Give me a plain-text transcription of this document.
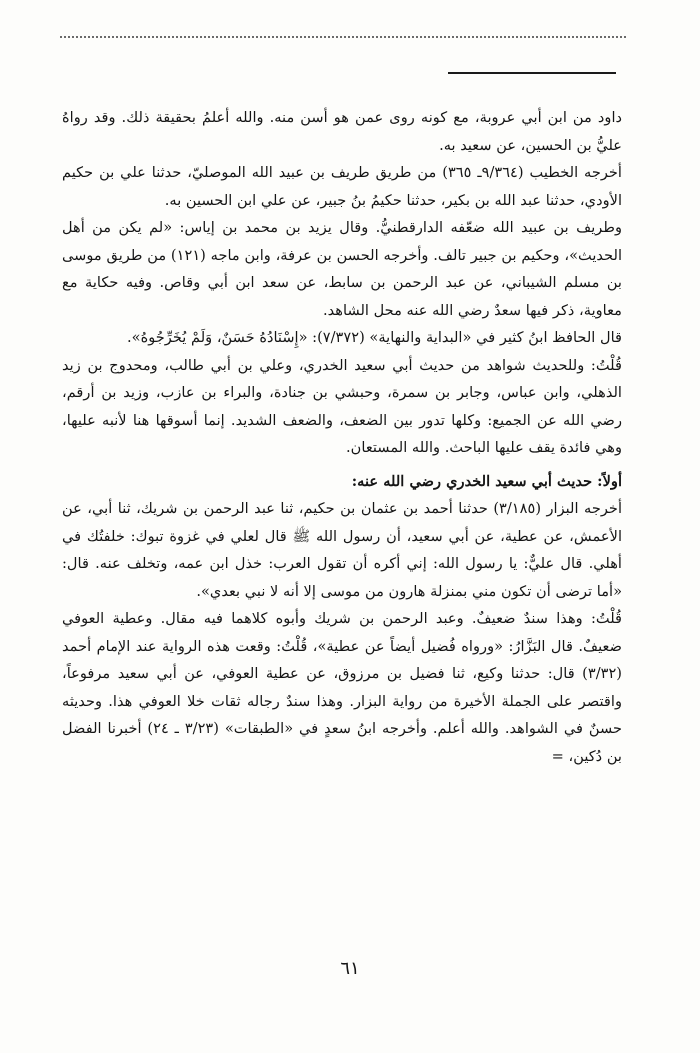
داود من ابن أبي عروبة، مع كونه روى عمن هو أسن منه. والله أعلمُ بحقيقة ذلك. وقد رواهُ عليُّ بن الحسين، عن سعيد به.

أخرجه الخطيب (٩/٣٦٤ـ ٣٦٥) من طريق طريف بن عبيد الله الموصليّ، حدثنا علي بن حكيم الأودي، حدثنا عبد الله بن بكير، حدثنا حكيمُ بنُ جبير، عن علي ابن الحسين به.

وطريف بن عبيد الله ضعّفه الدارقطنيُّ. وقال يزيد بن محمد بن إياس: «لم يكن من أهل الحديث»، وحكيم بن جبير تالف. وأخرجه الحسن بن عرفة، وابن ماجه (١٢١) من طريق موسى بن مسلم الشيباني، عن عبد الرحمن بن سابط، عن سعد ابن أبي وقاص. وفيه حكاية مع معاوية، ذكر فيها سعدٌ رضي الله عنه محل الشاهد.

قال الحافظ ابنُ كثير في «البداية والنهاية» (٧/٣٧٢): «إِسْنَادُهُ حَسَنٌ، وَلَمْ يُخَرِّجُوهُ».

قُلْتُ: وللحديث شواهد من حديث أبي سعيد الخدري، وعلي بن أبي طالب، ومحدوج بن زيد الذهلي، وابن عباس، وجابر بن سمرة، وحبشي بن جنادة، والبراء بن عازب، وزيد بن أرقم، رضي الله عن الجميع: وكلها تدور بين الضعف، والضعف الشديد. إنما أسوقها هنا لأنبه عليها، وهي فائدة يقف عليها الباحث. والله المستعان.

أولاً: حديث أبي سعيد الخدري رضي الله عنه:

أخرجه البزار (٣/١٨٥) حدثنا أحمد بن عثمان بن حكيم، ثنا عبد الرحمن بن شريك، ثنا أبي، عن الأعمش، عن عطية، عن أبي سعيد، أن رسول الله ﷺ قال لعلي في غزوة تبوك: خلفتُك في أهلي. قال عليٌّ: يا رسول الله: إني أكره أن تقول العرب: خذل ابن عمه، وتخلف عنه. قال: «أما ترضى أن تكون مني بمنزلة هارون من موسى إلا أنه لا نبي بعدي».

قُلْتُ: وهذا سندٌ ضعيفٌ. وعبد الرحمن بن شريك وأبوه كلاهما فيه مقال. وعطية العوفي ضعيفٌ. قال البَزَّارُ: «ورواه فُضيل أيضاً عن عطية»، قُلْتُ: وقعت هذه الرواية عند الإمام أحمد (٣/٣٢) قال: حدثنا وكيع، ثنا فضيل بن مرزوق، عن عطية العوفي، عن أبي سعيد مرفوعاً، واقتصر على الجملة الأخيرة من رواية البزار. وهذا سندٌ رجاله ثقات خلا العوفي هذا. وحديثه حسنٌ في الشواهد. والله أعلم. وأخرجه ابنُ سعدٍ في «الطبقات» (٣/٢٣ ـ ٢٤) أخبرنا الفضل بن دُكين، =

٦١
